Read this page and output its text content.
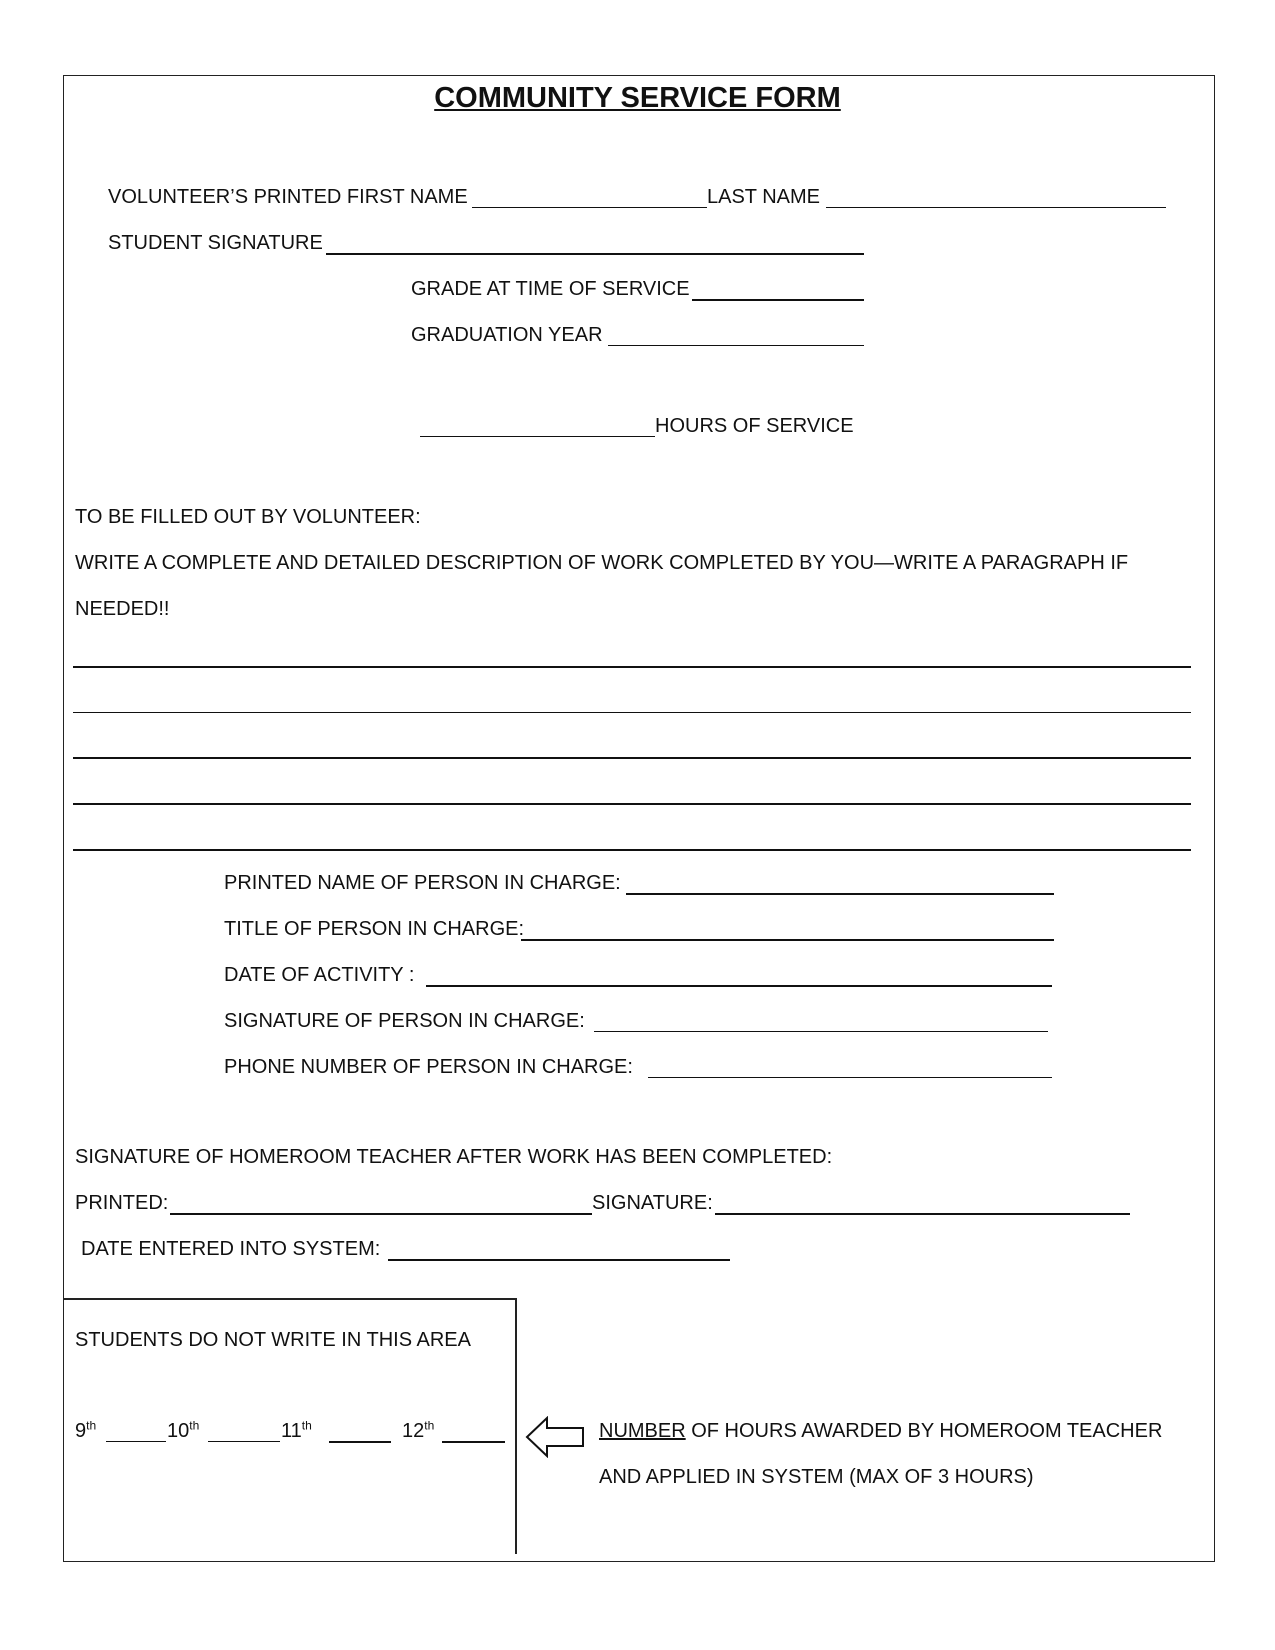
COMMUNITY SERVICE FORM
VOLUNTEER’S PRINTED FIRST NAME	LAST NAME
STUDENT SIGNATURE
GRADE AT TIME OF SERVICE
GRADUATION YEAR
HOURS OF SERVICE
TO BE FILLED OUT BY VOLUNTEER:
WRITE A COMPLETE AND DETAILED DESCRIPTION OF WORK COMPLETED BY YOU—WRITE A PARAGRAPH IF
NEEDED!!
PRINTED NAME OF PERSON IN CHARGE:
TITLE OF PERSON IN CHARGE:
DATE OF ACTIVITY :
SIGNATURE OF PERSON IN CHARGE:
PHONE NUMBER OF PERSON IN CHARGE:
SIGNATURE OF HOMEROOM TEACHER AFTER WORK HAS BEEN COMPLETED:
PRINTED:	SIGNATURE:
DATE ENTERED INTO SYSTEM:
STUDENTS DO NOT WRITE IN THIS AREA
9th	10th	11th	12th	NUMBER OF HOURS AWARDED BY HOMEROOM TEACHER
AND APPLIED IN SYSTEM (MAX OF 3 HOURS)
